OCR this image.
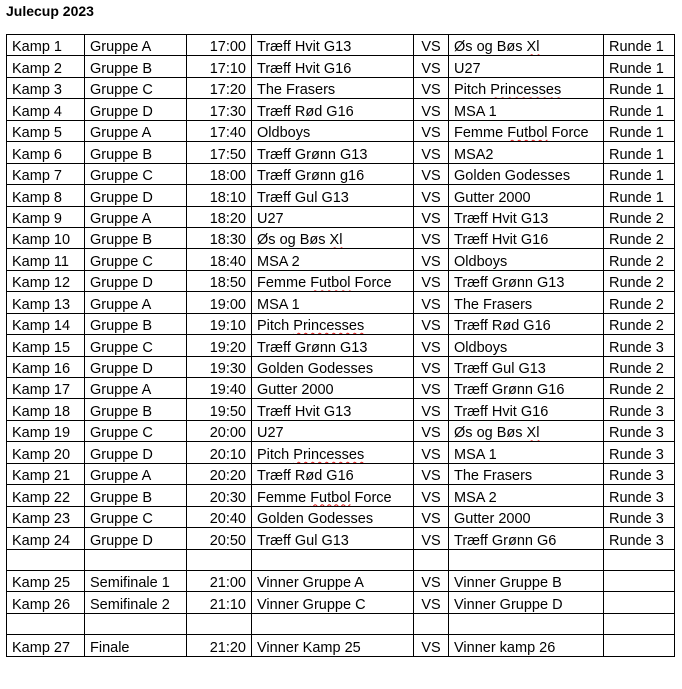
Julecup 2023
Kamp 1	Gruppe A	17:00	Træff Hvit G13	VS	Øs og Bøs Xl	Runde 1
Kamp 2	Gruppe B	17:10	Træff Hvit G16	VS	U27	Runde 1
Kamp 3	Gruppe C	17:20	The Frasers	VS	Pitch Princesses	Runde 1
Kamp 4	Gruppe D	17:30	Træff Rød G16	VS	MSA 1	Runde 1
Kamp 5	Gruppe A	17:40	Oldboys	VS	Femme Futbol Force	Runde 1
Kamp 6	Gruppe B	17:50	Træff Grønn G13	VS	MSA2	Runde 1
Kamp 7	Gruppe C	18:00	Træff Grønn g16	VS	Golden Godesses	Runde 1
Kamp 8	Gruppe D	18:10	Træff Gul G13	VS	Gutter 2000	Runde 1
Kamp 9	Gruppe A	18:20	U27	VS	Træff Hvit G13	Runde 2
Kamp 10	Gruppe B	18:30	Øs og Bøs Xl	VS	Træff Hvit G16	Runde 2
Kamp 11	Gruppe C	18:40	MSA 2	VS	Oldboys	Runde 2
Kamp 12	Gruppe D	18:50	Femme Futbol Force	VS	Træff Grønn G13	Runde 2
Kamp 13	Gruppe A	19:00	MSA 1	VS	The Frasers	Runde 2
Kamp 14	Gruppe B	19:10	Pitch Princesses	VS	Træff Rød G16	Runde 2
Kamp 15	Gruppe C	19:20	Træff Grønn G13	VS	Oldboys	Runde 3
Kamp 16	Gruppe D	19:30	Golden Godesses	VS	Træff Gul G13	Runde 2
Kamp 17	Gruppe A	19:40	Gutter 2000	VS	Træff Grønn G16	Runde 2
Kamp 18	Gruppe B	19:50	Træff Hvit G13	VS	Træff Hvit G16	Runde 3
Kamp 19	Gruppe C	20:00	U27	VS	Øs og Bøs Xl	Runde 3
Kamp 20	Gruppe D	20:10	Pitch Princesses	VS	MSA 1	Runde 3
Kamp 21	Gruppe A	20:20	Træff Rød G16	VS	The Frasers	Runde 3
Kamp 22	Gruppe B	20:30	Femme Futbol Force	VS	MSA 2	Runde 3
Kamp 23	Gruppe C	20:40	Golden Godesses	VS	Gutter 2000	Runde 3
Kamp 24	Gruppe D	20:50	Træff Gul G13	VS	Træff Grønn G6	Runde 3

Kamp 25	Semifinale 1	21:00	Vinner Gruppe A	VS	Vinner Gruppe B	
Kamp 26	Semifinale 2	21:10	Vinner Gruppe C	VS	Vinner Gruppe D	

Kamp 27	Finale	21:20	Vinner Kamp 25	VS	Vinner kamp 26	
